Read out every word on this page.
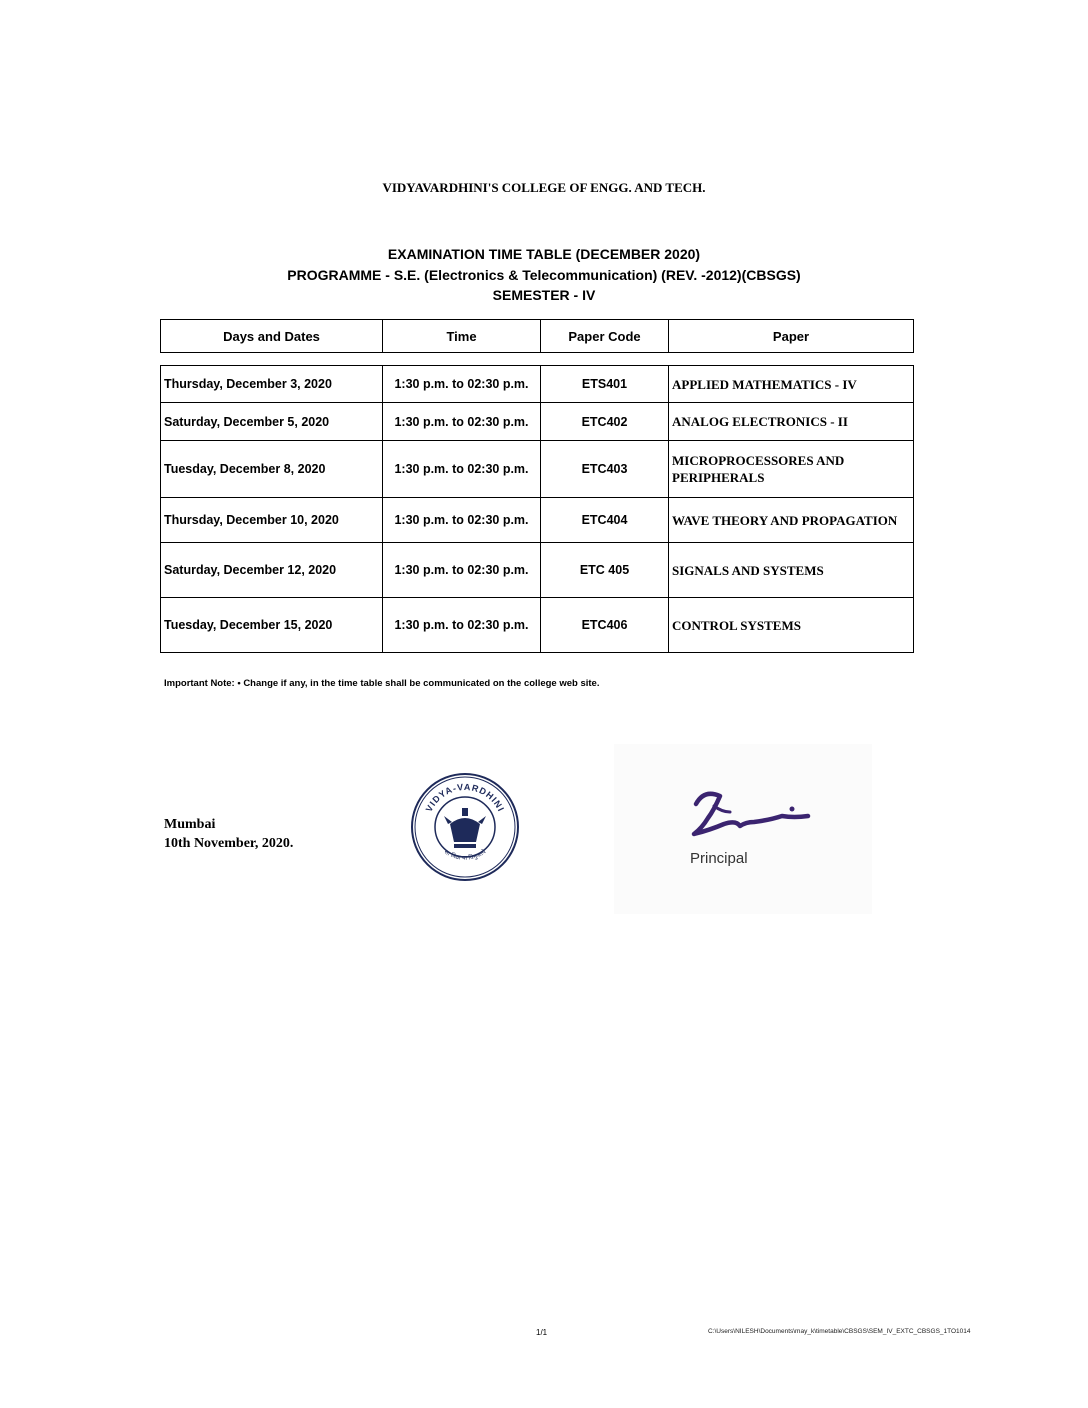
VIDYAVARDHINI'S COLLEGE OF ENGG. AND TECH.
EXAMINATION TIME TABLE (DECEMBER 2020)
PROGRAMME - S.E. (Electronics & Telecommunication) (REV. -2012)(CBSGS)
SEMESTER - IV
Days and Dates	Time	Paper Code	Paper

Thursday, December 3, 2020	1:30 p.m. to 02:30 p.m.	ETS401	APPLIED MATHEMATICS - IV
Saturday, December 5, 2020	1:30 p.m. to 02:30 p.m.	ETC402	ANALOG ELECTRONICS - II
Tuesday, December 8, 2020	1:30 p.m. to 02:30 p.m.	ETC403	MICROPROCESSORES AND PERIPHERALS
Thursday, December 10, 2020	1:30 p.m. to 02:30 p.m.	ETC404	WAVE THEORY AND PROPAGATION
Saturday, December 12, 2020	1:30 p.m. to 02:30 p.m.	ETC 405	SIGNALS AND SYSTEMS
Tuesday, December 15, 2020	1:30 p.m. to 02:30 p.m.	ETC406	CONTROL SYSTEMS
Important Note: • Change if any, in the time table shall be communicated on the college web site.
Mumbai
10th November, 2020.
VIDYA-VARDHINI
सा विद्या या विमुक्तये	Principal
1/1	C:\Users\NILESH\Documents\may_k\timetable\CBSGS\SEM_IV_EXTC_CBSGS_1TO1014
